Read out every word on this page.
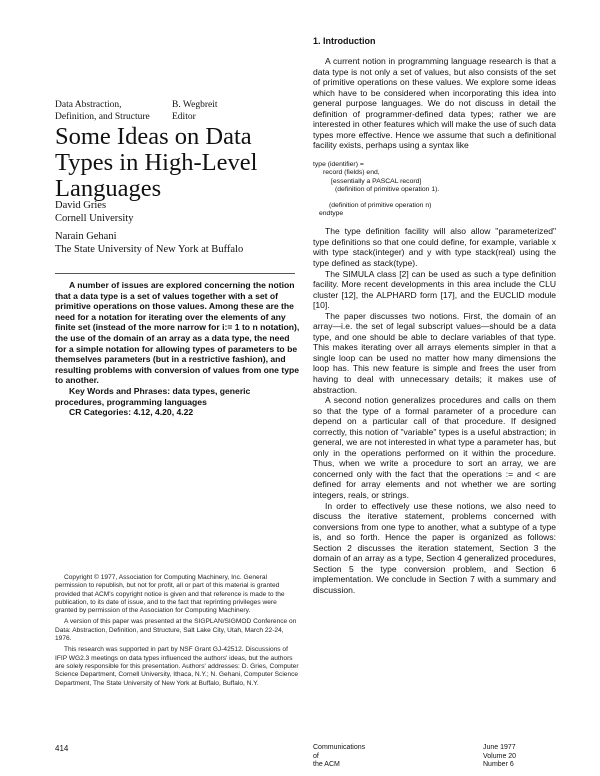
Data Abstraction,
Definition, and Structure
B. Wegbreit
Editor
Some Ideas on Data
Types in High-Level
Languages
David Gries
Cornell University
Narain Gehani
The State University of New York at Buffalo

A number of issues are explored concerning the notion that a data type is a set of values together with a set of primitive operations on those values. Among these are the need for a notation for iterating over the elements of any finite set (instead of the more narrow for i:= 1 to n notation), the use of the domain of an array as a data type, the need for a simple notation for allowing types of parameters to be themselves parameters (but in a restrictive fashion), and resulting problems with conversion of values from one type to another.

Key Words and Phrases: data types, generic procedures, programming languages

CR Categories: 4.12, 4.20, 4.22

Copyright © 1977, Association for Computing Machinery, Inc. General permission to republish, but not for profit, all or part of this material is granted provided that ACM's copyright notice is given and that reference is made to the publication, to its date of issue, and to the fact that reprinting privileges were granted by permission of the Association for Computing Machinery.

A version of this paper was presented at the SIGPLAN/SIGMOD Conference on Data: Abstraction, Definition, and Structure, Salt Lake City, Utah, March 22-24, 1976.

This research was supported in part by NSF Grant GJ-42512. Discussions of IFIP WG2.3 meetings on data types influenced the authors' ideas, but the authors are solely responsible for this presentation. Authors' addresses: D. Gries, Computer Science Department, Cornell University, Ithaca, N.Y.; N. Gehani, Computer Science Department, The State University of New York at Buffalo, Buffalo, N.Y.

414
1. Introduction

A current notion in programming language research is that a data type is not only a set of values, but also consists of the set of primitive operations on these values. We explore some ideas which have to be considered when incorporating this idea into general purpose languages. We do not discuss in detail the definition of programmer-defined data types; rather we are interested in other features which will make the use of such data types more effective. Hence we assume that such a definitional facility exists, perhaps using a syntax like

type (identifier) =
record (fields) end,
[essentially a PASCAL record]
(definition of primitive operation 1).
(definition of primitive operation n)
endtype

The type definition facility will also allow "parameterized" type definitions so that one could define, for example, variable x with type stack(integer) and y with type stack(real) using the type defined as stack(type).

The SIMULA class [2] can be used as such a type definition facility. More recent developments in this area include the CLU cluster [12], the ALPHARD form [17], and the EUCLID module [10].

The paper discusses two notions. First, the domain of an array—i.e. the set of legal subscript values—should be a data type, and one should be able to declare variables of that type. This makes iterating over all arrays elements simpler in that a single loop can be used no matter how many dimensions the loop has. This new feature is simple and frees the user from having to deal with unnecessary details; it makes use of abstraction.

A second notion generalizes procedures and calls on them so that the type of a formal parameter of a procedure can depend on a particular call of that procedure. If designed correctly, this notion of "variable" types is a useful abstraction; in general, we are not interested in what type a parameter has, but only in the operations performed on it within the procedure. Thus, when we write a procedure to sort an array, we are concerned only with the fact that the operations := and < are defined for array elements and not whether we are sorting integers, reals, or strings.

In order to effectively use these notions, we also need to discuss the iterative statement, problems concerned with conversions from one type to another, what a subtype of a type is, and so forth. Hence the paper is organized as follows: Section 2 discusses the iteration statement, Section 3 the domain of an array as a type, Section 4 generalized procedures, Section 5 the type conversion problem, and Section 6 implementation. We conclude in Section 7 with a summary and discussion.

Communications
of
the ACM
June 1977
Volume 20
Number 6
